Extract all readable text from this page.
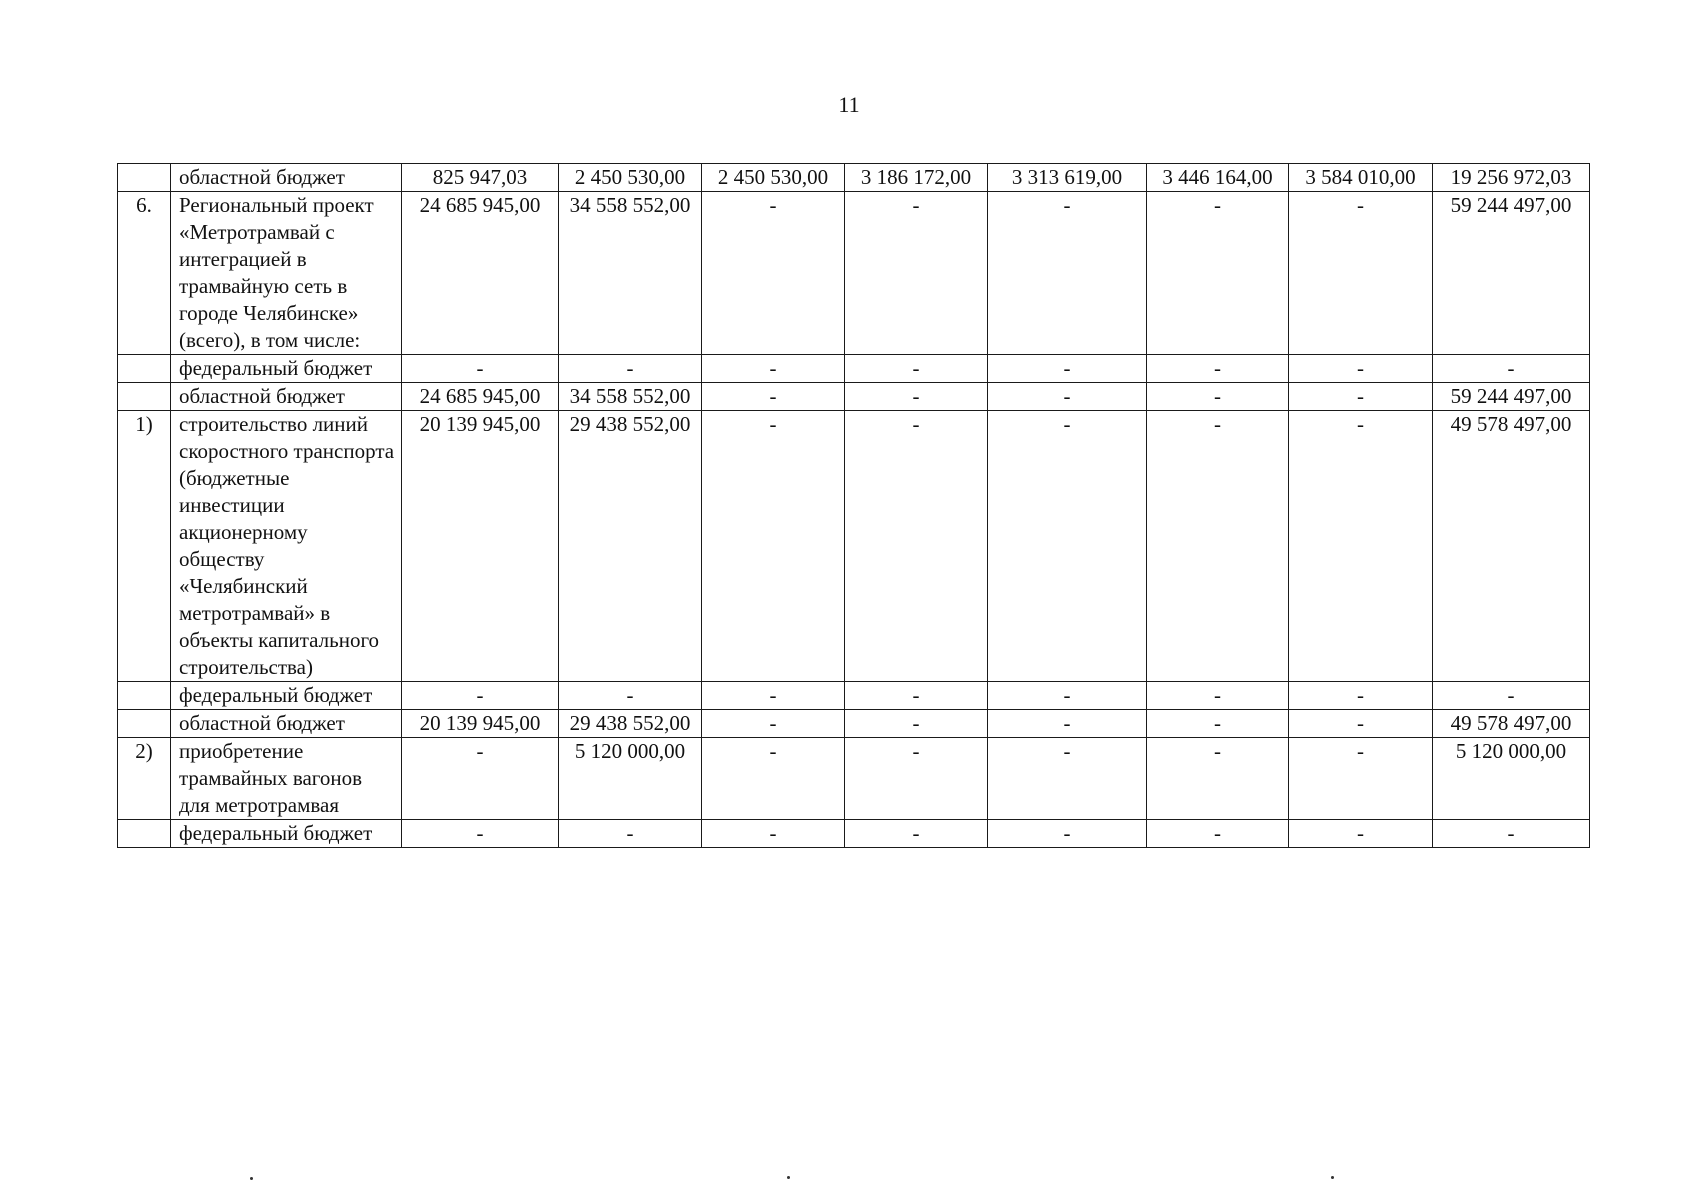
11
	областной бюджет	825 947,03	2 450 530,00	2 450 530,00	3 186 172,00	3 313 619,00	3 446 164,00	3 584 010,00	19 256 972,03
6.	Региональный проект «Метротрамвай с интеграцией в трамвайную сеть в городе Челябинске» (всего), в том числе:	24 685 945,00	34 558 552,00	-	-	-	-	-	59 244 497,00
	федеральный бюджет	-	-	-	-	-	-	-	-
	областной бюджет	24 685 945,00	34 558 552,00	-	-	-	-	-	59 244 497,00
1)	строительство линий скоростного транспорта (бюджетные инвестиции акционерному обществу «Челябинский метротрамвай» в объекты капитального строительства)	20 139 945,00	29 438 552,00	-	-	-	-	-	49 578 497,00
	федеральный бюджет	-	-	-	-	-	-	-	-
	областной бюджет	20 139 945,00	29 438 552,00	-	-	-	-	-	49 578 497,00
2)	приобретение трамвайных вагонов для метротрамвая	-	5 120 000,00	-	-	-	-	-	5 120 000,00
	федеральный бюджет	-	-	-	-	-	-	-	-
